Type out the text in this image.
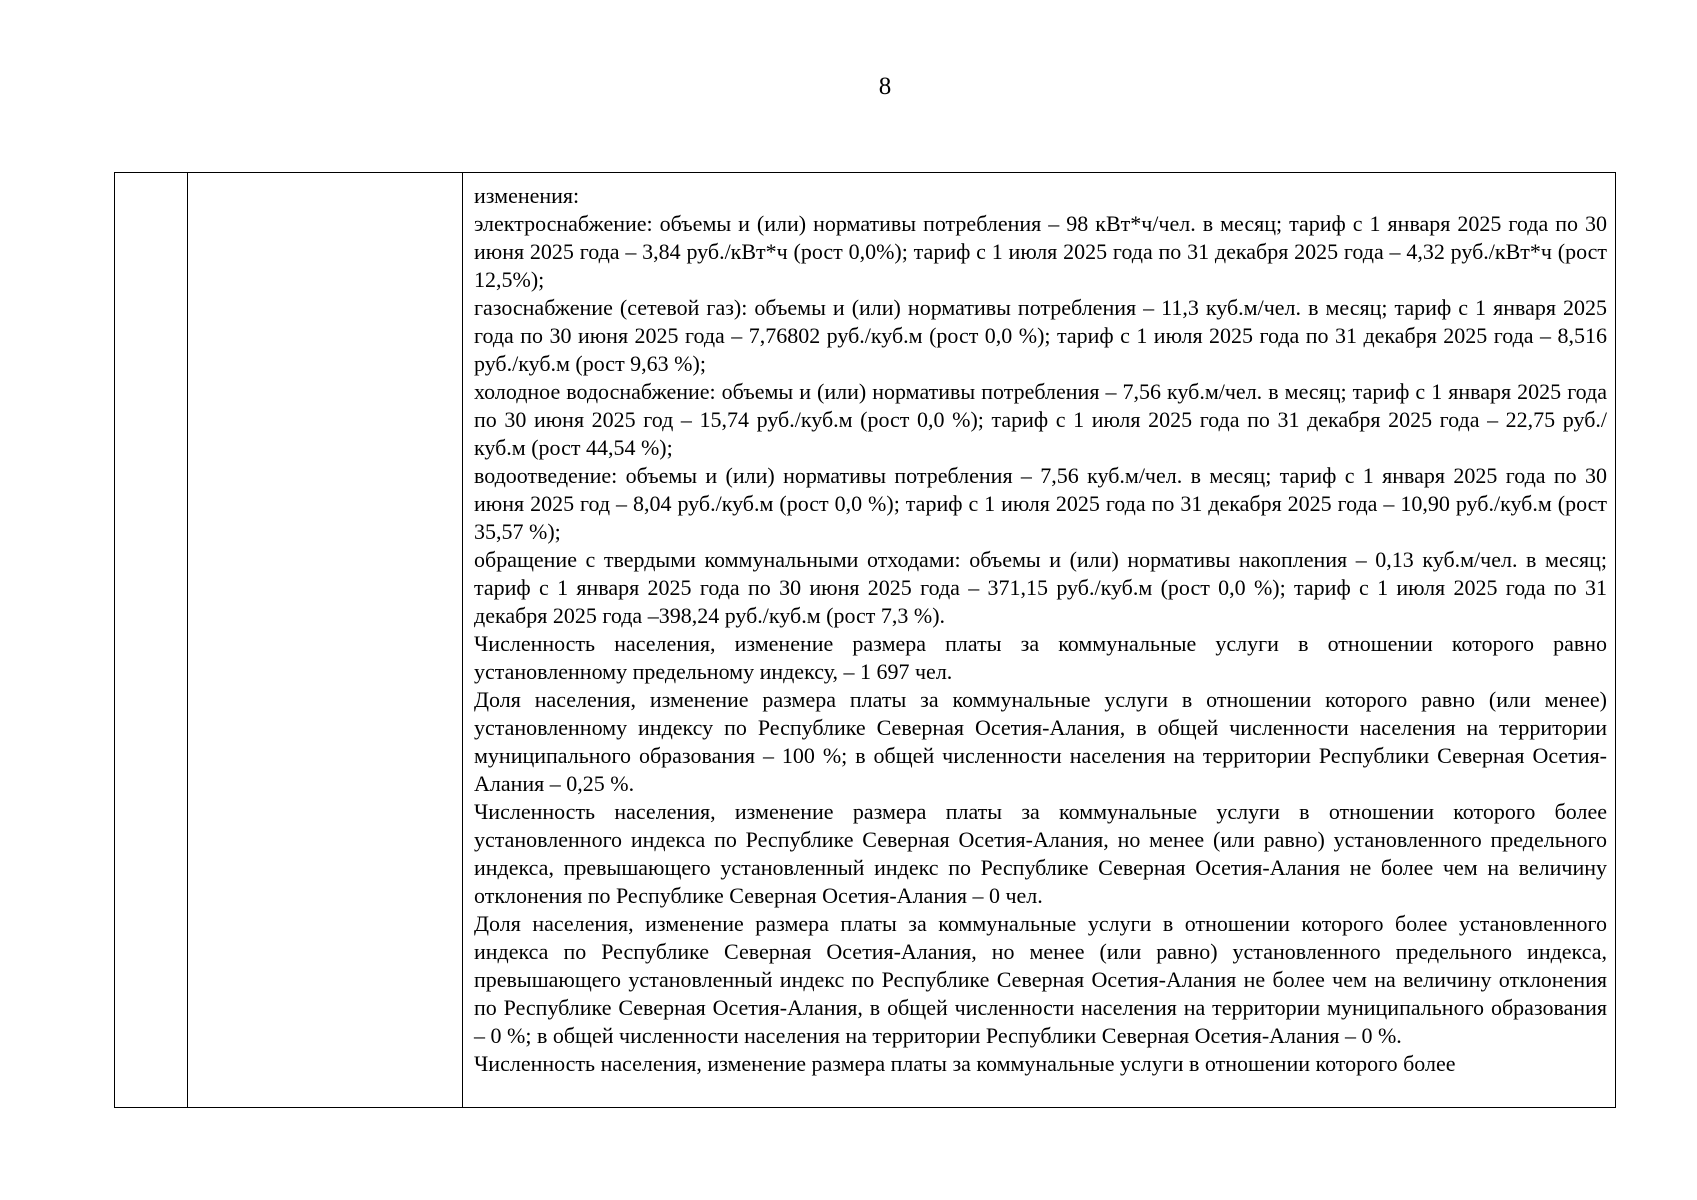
8

изменения:

электроснабжение: объемы и (или) нормативы потребления – 98 кВт*ч/чел. в месяц; тариф с 1 января 2025 года по 30 июня 2025 года – 3,84 руб./кВт*ч (рост 0,0%); тариф с 1 июля 2025 года по 31 декабря 2025 года – 4,32 руб./кВт*ч (рост 12,5%);

газоснабжение (сетевой газ): объемы и (или) нормативы потребления – 11,3 куб.м/чел. в месяц; тариф с 1 января 2025 года по 30 июня 2025 года – 7,76802 руб./куб.м (рост 0,0 %); тариф с 1 июля 2025 года по 31 декабря 2025 года – 8,516 руб./куб.м (рост 9,63 %);

холодное водоснабжение: объемы и (или) нормативы потребления – 7,56 куб.м/чел. в месяц; тариф с 1 января 2025 года по 30 июня 2025 год – 15,74 руб./куб.м (рост 0,0 %); тариф с 1 июля 2025 года по 31 декабря 2025 года – 22,75 руб./куб.м (рост 44,54 %);

водоотведение: объемы и (или) нормативы потребления – 7,56 куб.м/чел. в месяц; тариф с 1 января 2025 года по 30 июня 2025 год – 8,04 руб./куб.м (рост 0,0 %); тариф с 1 июля 2025 года по 31 декабря 2025 года – 10,90 руб./куб.м (рост 35,57 %);

обращение с твердыми коммунальными отходами: объемы и (или) нормативы накопления – 0,13 куб.м/чел. в месяц; тариф с 1 января 2025 года по 30 июня 2025 года – 371,15 руб./куб.м (рост 0,0 %); тариф с 1 июля 2025 года по 31 декабря 2025 года –398,24 руб./куб.м (рост 7,3 %).

Численность населения, изменение размера платы за коммунальные услуги в отношении которого равно установленному предельному индексу, – 1 697 чел.

Доля населения, изменение размера платы за коммунальные услуги в отношении которого равно (или менее) установленному индексу по Республике Северная Осетия-Алания, в общей численности населения на территории муниципального образования – 100 %; в общей численности населения на территории Республики Северная Осетия-Алания – 0,25 %.

Численность населения, изменение размера платы за коммунальные услуги в отношении которого более установленного индекса по Республике Северная Осетия-Алания, но менее (или равно) установленного предельного индекса, превышающего установленный индекс по Республике Северная Осетия-Алания не более чем на величину отклонения по Республике Северная Осетия-Алания – 0 чел.

Доля населения, изменение размера платы за коммунальные услуги в отношении которого более установленного индекса по Республике Северная Осетия-Алания, но менее (или равно) установленного предельного индекса, превышающего установленный индекс по Республике Северная Осетия-Алания не более чем на величину отклонения по Республике Северная Осетия-Алания, в общей численности населения на территории муниципального образования – 0 %; в общей численности населения на территории Республики Северная Осетия-Алания – 0 %.

Численность населения, изменение размера платы за коммунальные услуги в отношении которого более
